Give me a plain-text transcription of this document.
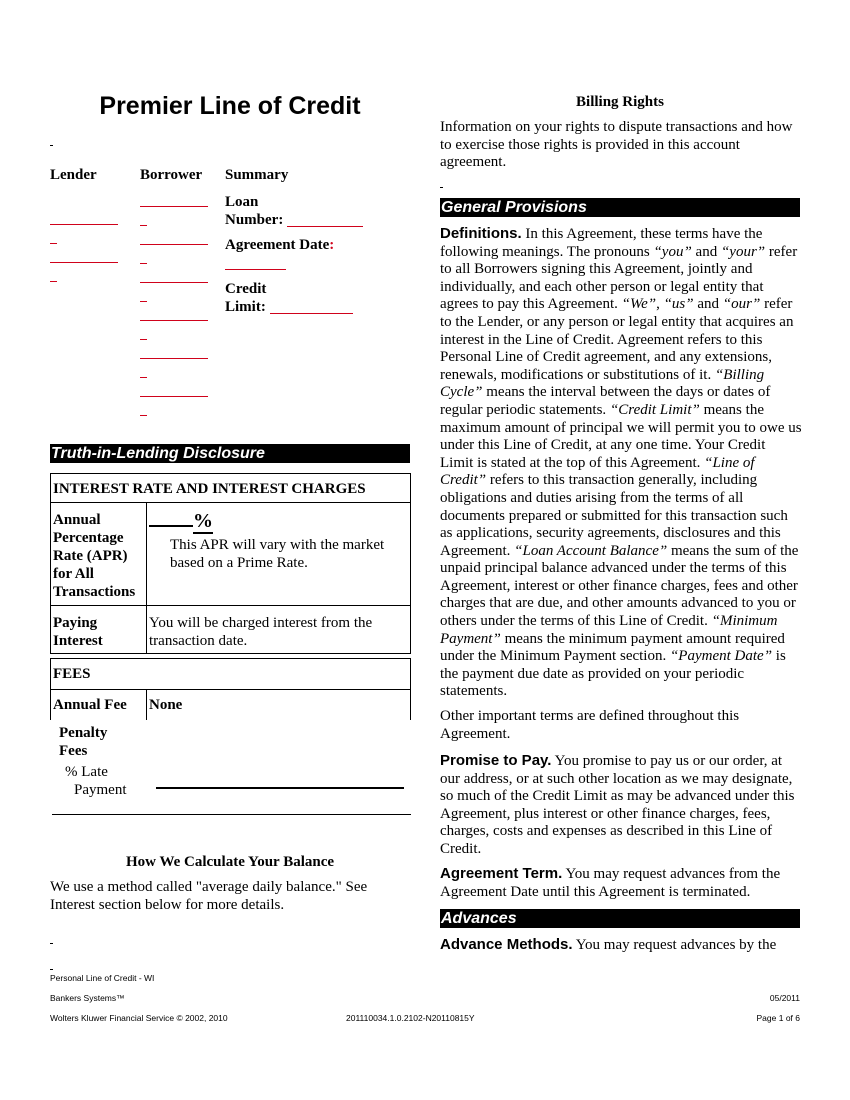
Premier Line of Credit
Lender	Borrower Summary
Loan
Number:
Agreement Date:
Credit
Limit:
Truth-in-Lending Disclosure
INTEREST RATE AND INTEREST CHARGES	
Annual Percentage Rate (APR) for All Transactions	%
This APR will vary with the market based on a Prime Rate.

Paying Interest	You will be charged interest from the transaction date.
FEES
Annual Fee	None
Penalty Fees
% Late
Payment
How We Calculate Your Balance
We use a method called "average daily balance." See Interest section below for more details.
Billing Rights
Information on your rights to dispute transactions and how to exercise those rights is provided in this account agreement.
General Provisions
Definitions. In this Agreement, these terms have the following meanings. The pronouns “you” and “your” refer to all Borrowers signing this Agreement, jointly and individually, and each other person or legal entity that agrees to pay this Agreement. “We”, “us” and “our” refer to the Lender, or any person or legal entity that acquires an interest in the Line of Credit. Agreement refers to this Personal Line of Credit agreement, and any extensions, renewals, modifications or substitutions of it. “Billing Cycle” means the interval between the days or dates of regular periodic statements. “Credit Limit” means the maximum amount of principal we will permit you to owe us under this Line of Credit, at any one time. Your Credit Limit is stated at the top of this Agreement. “Line of Credit” refers to this transaction generally, including obligations and duties arising from the terms of all documents prepared or submitted for this transaction such as applications, security agreements, disclosures and this Agreement. “Loan Account Balance” means the sum of the unpaid principal balance advanced under the terms of this Agreement, interest or other finance charges, fees and other charges that are due, and other amounts advanced to you or others under the terms of this Line of Credit. “Minimum Payment” means the minimum payment amount required under the Minimum Payment section. “Payment Date” is the payment due date as provided on your periodic statements.
Other important terms are defined throughout this Agreement.
Promise to Pay. You promise to pay us or our order, at our address, or at such other location as we may designate, so much of the Credit Limit as may be advanced under this Agreement, plus interest or other finance charges, fees, charges, costs and expenses as described in this Line of Credit.
Agreement Term. You may request advances from the Agreement Date until this Agreement is terminated.
Advances
Advance Methods. You may request advances by the
Personal Line of Credit - WI
Bankers Systems™	05/2011
Wolters Kluwer Financial Service © 2002, 2010	201110034.1.0.2102-N20110815Y	Page 1 of 6
